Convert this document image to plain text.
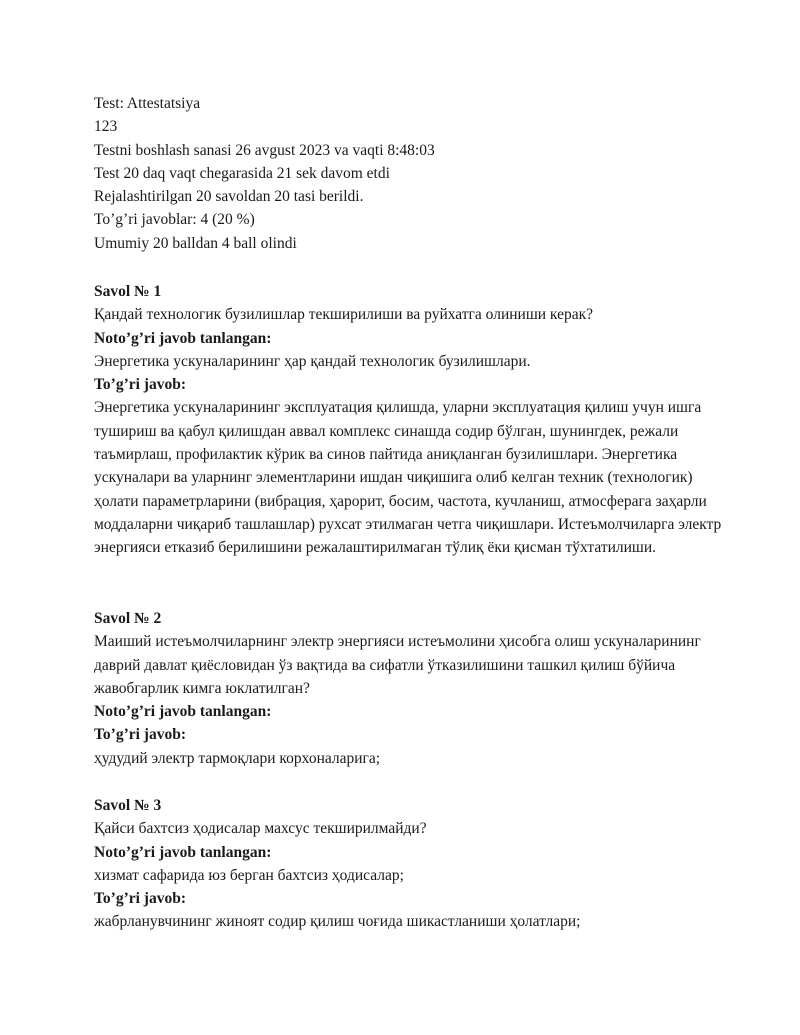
Test: Attestatsiya
123
Testni boshlash sanasi 26 avgust 2023 va vaqti 8:48:03
Test 20 daq vaqt chegarasida 21 sek davom etdi
Rejalashtirilgan 20 savoldan 20 tasi berildi.
To’g’ri javoblar: 4 (20 %)
Umumiy 20 balldan 4 ball olindi
Savol № 1
Қандай технологик бузилишлар текширилиши ва руйхатга олиниши керак?
Noto’g’ri javob tanlangan:
Энергетика ускуналарининг ҳар қандай технологик бузилишлари.
To’g’ri javob:
Энергетика ускуналарининг эксплуатация қилишда, уларни эксплуатация қилиш учун ишга тушириш ва қабул қилишдан аввал комплекс синашда содир бўлган, шунингдек, режали таъмирлаш, профилактик кўрик ва синов пайтида аниқланган бузилишлари. Энергетика ускуналари ва уларнинг элементларини ишдан чиқишига олиб келган техник (технологик) ҳолати параметрларини (вибрация, ҳарорит, босим, частота, кучланиш, атмосферага заҳарли моддаларни чиқариб ташлашлар) рухсат этилмаган четга чиқишлари. Истеъмолчиларга электр энергияси етказиб берилишини режалаштирилмаган тўлиқ ёки қисман тўхтатилиши.
Savol № 2
Маиший истеъмолчиларнинг электр энергияси истеъмолини ҳисобга олиш ускуналарининг даврий давлат қиёсловидан ўз вақтида ва сифатли ўтказилишини ташкил қилиш бўйича жавобгарлик кимга юклатилган?
Noto’g’ri javob tanlangan:
To’g’ri javob:
ҳудудий электр тармоқлари корхоналарига;
Savol № 3
Қайси бахтсиз ҳодисалар махсус текширилмайди?
Noto’g’ri javob tanlangan:
хизмат сафарида юз берган бахтсиз ҳодисалар;
To’g’ri javob:
жабрланувчининг жиноят содир қилиш чоғида шикастланиши ҳолатлари;
